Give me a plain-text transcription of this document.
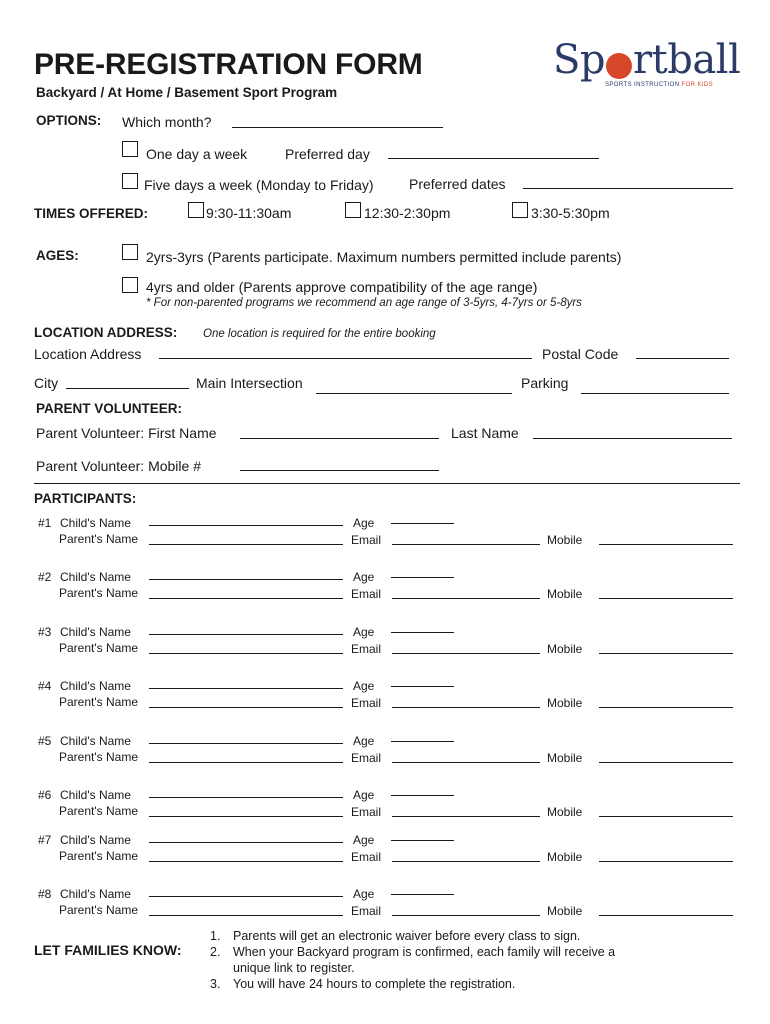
PRE-REGISTRATION FORM
Backyard / At Home / Basement Sport Program
Sp rtball
SPORTS INSTRUCTION FOR KIDS
OPTIONS: Which month?
One day a week	Preferred day
Five days a week (Monday to Friday)	Preferred dates
TIMES OFFERED:	9:30-11:30am	12:30-2:30pm	3:30-5:30pm
AGES:	2yrs-3yrs (Parents participate. Maximum numbers permitted include parents)
4yrs and older (Parents approve compatibility of the age range)
* For non-parented programs we recommend an age range of 3-5yrs, 4-7yrs or 5-8yrs
LOCATION ADDRESS: One location is required for the entire booking
Location Address	Postal Code
City	Main Intersection	Parking
PARENT VOLUNTEER:
Parent Volunteer: First Name	Last Name
Parent Volunteer: Mobile #
PARTICIPANTS:
#1 Child's Name	Age
Parent's Name	Email	Mobile
#2 Child's Name	Age
Parent's Name	Email	Mobile
#3 Child's Name	Age
Parent's Name	Email	Mobile
#4 Child's Name	Age
Parent's Name	Email	Mobile
#5 Child's Name	Age
Parent's Name	Email	Mobile
#6 Child's Name	Age
Parent's Name	Email	Mobile
#7 Child's Name	Age
Parent's Name	Email	Mobile
#8 Child's Name	Age
Parent's Name	Email	Mobile
LET FAMILIES KNOW:
1. Parents will get an electronic waiver before every class to sign.
2. When your Backyard program is confirmed, each family will receive a
unique link to register.
3. You will have 24 hours to complete the registration.
